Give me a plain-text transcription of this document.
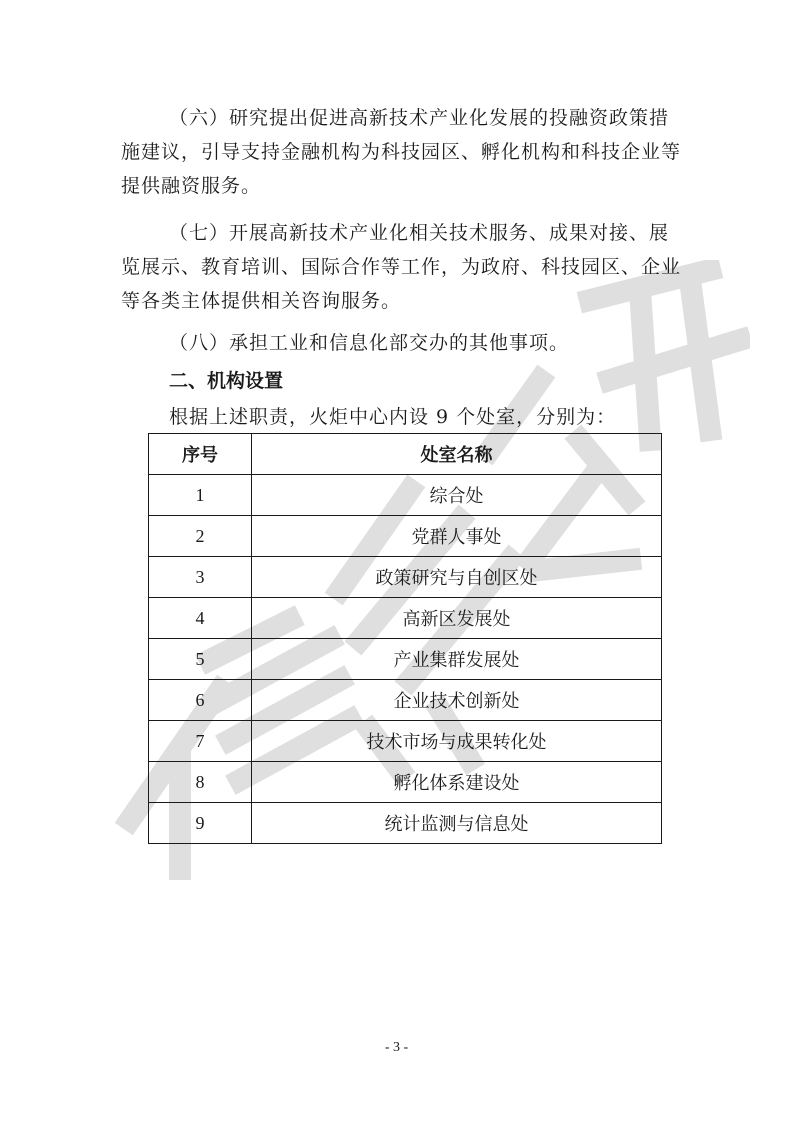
（六）研究提出促进高新技术产业化发展的投融资政策措施建议，引导支持金融机构为科技园区、孵化机构和科技企业等提供融资服务。

（七）开展高新技术产业化相关技术服务、成果对接、展览展示、教育培训、国际合作等工作，为政府、科技园区、企业等各类主体提供相关咨询服务。

（八）承担工业和信息化部交办的其他事项。
二、机构设置
根据上述职责，火炬中心内设 9 个处室，分别为：
序号	处室名称
1	综合处
2	党群人事处
3	政策研究与自创区处
4	高新区发展处
5	产业集群发展处
6	企业技术创新处
7	技术市场与成果转化处
8	孵化体系建设处
9	统计监测与信息处
- 3 -
